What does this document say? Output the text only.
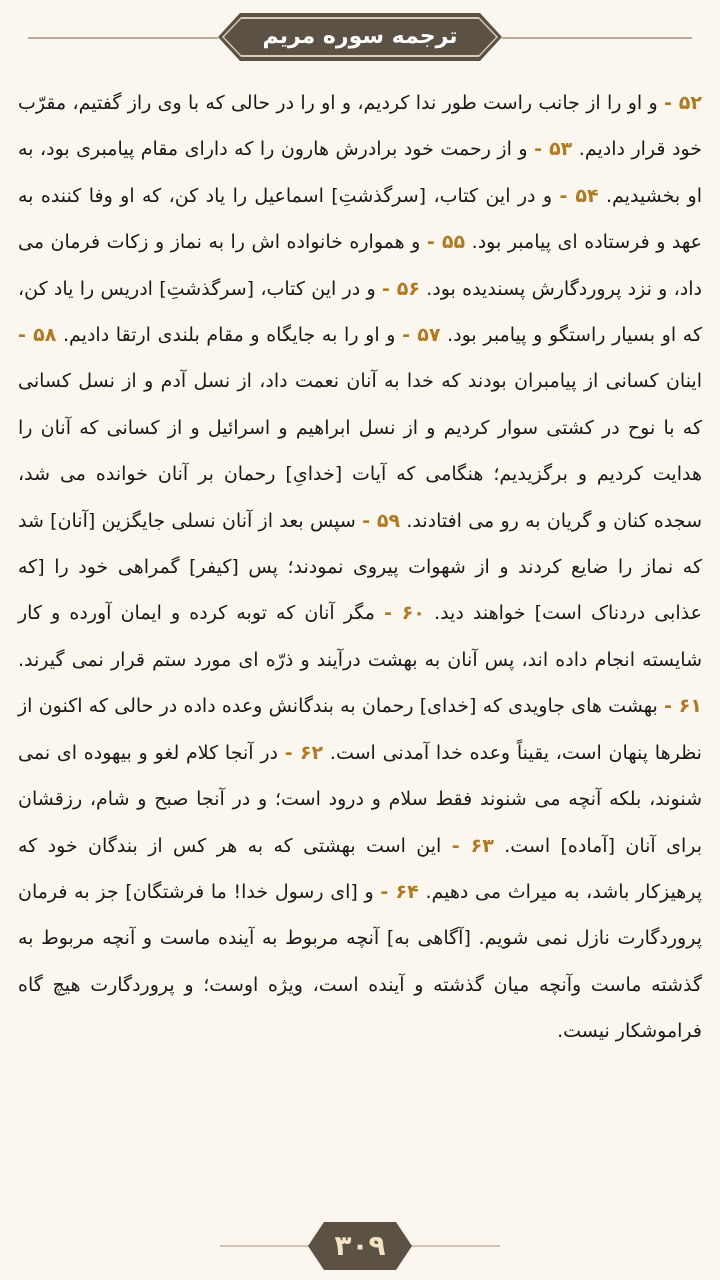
ترجمه سوره مریم
۵۲ - و او را از جانب راست طور ندا کردیم، و او را در حالی که با وی راز گفتیم، مقرّب خود قرار دادیم. ۵۳ - و از رحمت خود برادرش هارون را که دارای مقام پیامبری بود، به او بخشیدیم. ۵۴ - و در این کتاب، [سرگذشتِ] اسماعیل را یاد کن، که او وفا کننده به عهد و فرستاده ای پیامبر بود. ۵۵ - و همواره خانواده اش را به نماز و زکات فرمان می داد، و نزد پروردگارش پسندیده بود. ۵۶ - و در این کتاب، [سرگذشتِ] ادریس را یاد کن، که او بسیار راستگو و پیامبر بود. ۵۷ - و او را به جایگاه و مقام بلندی ارتقا دادیم. ۵۸ - اینان کسانی از پیامبران بودند که خدا به آنان نعمت داد، از نسل آدم و از نسل کسانی که با نوح در کشتی سوار کردیم و از نسل ابراهیم و اسرائیل و از کسانی که آنان را هدایت کردیم و برگزیدیم؛ هنگامی که آیات [خدایِ] رحمان بر آنان خوانده می شد، سجده کنان و گریان به رو می افتادند. ۵۹ - سپس بعد از آنان نسلی جایگزین [آنان] شد که نماز را ضایع کردند و از شهوات پیروی نمودند؛ پس [کیفر] گمراهی خود را [که عذابی دردناک است] خواهند دید. ۶۰ - مگر آنان که توبه کرده و ایمان آورده و کار شایسته انجام داده اند، پس آنان به بهشت درآیند و ذرّه ای مورد ستم قرار نمی گیرند. ۶۱ - بهشت های جاویدی که [خدای] رحمان به بندگانش وعده داده در حالی که اکنون از نظرها پنهان است، یقیناً وعده خدا آمدنی است. ۶۲ - در آنجا کلام لغو و بیهوده ای نمی شنوند، بلکه آنچه می شنوند فقط سلام و درود است؛ و در آنجا صبح و شام، رزقشان برای آنان [آماده] است. ۶۳ - این است بهشتی که به هر کس از بندگان خود که پرهیزکار باشد، به میراث می دهیم. ۶۴ - و [ای رسول خدا! ما فرشتگان] جز به فرمان پروردگارت نازل نمی شویم. [آگاهی به] آنچه مربوط به آینده ماست و آنچه مربوط به گذشته ماست وآنچه میان گذشته و آینده است، ویژه اوست؛ و پروردگارت هیچ گاه فراموشکار نیست.
۳۰۹
